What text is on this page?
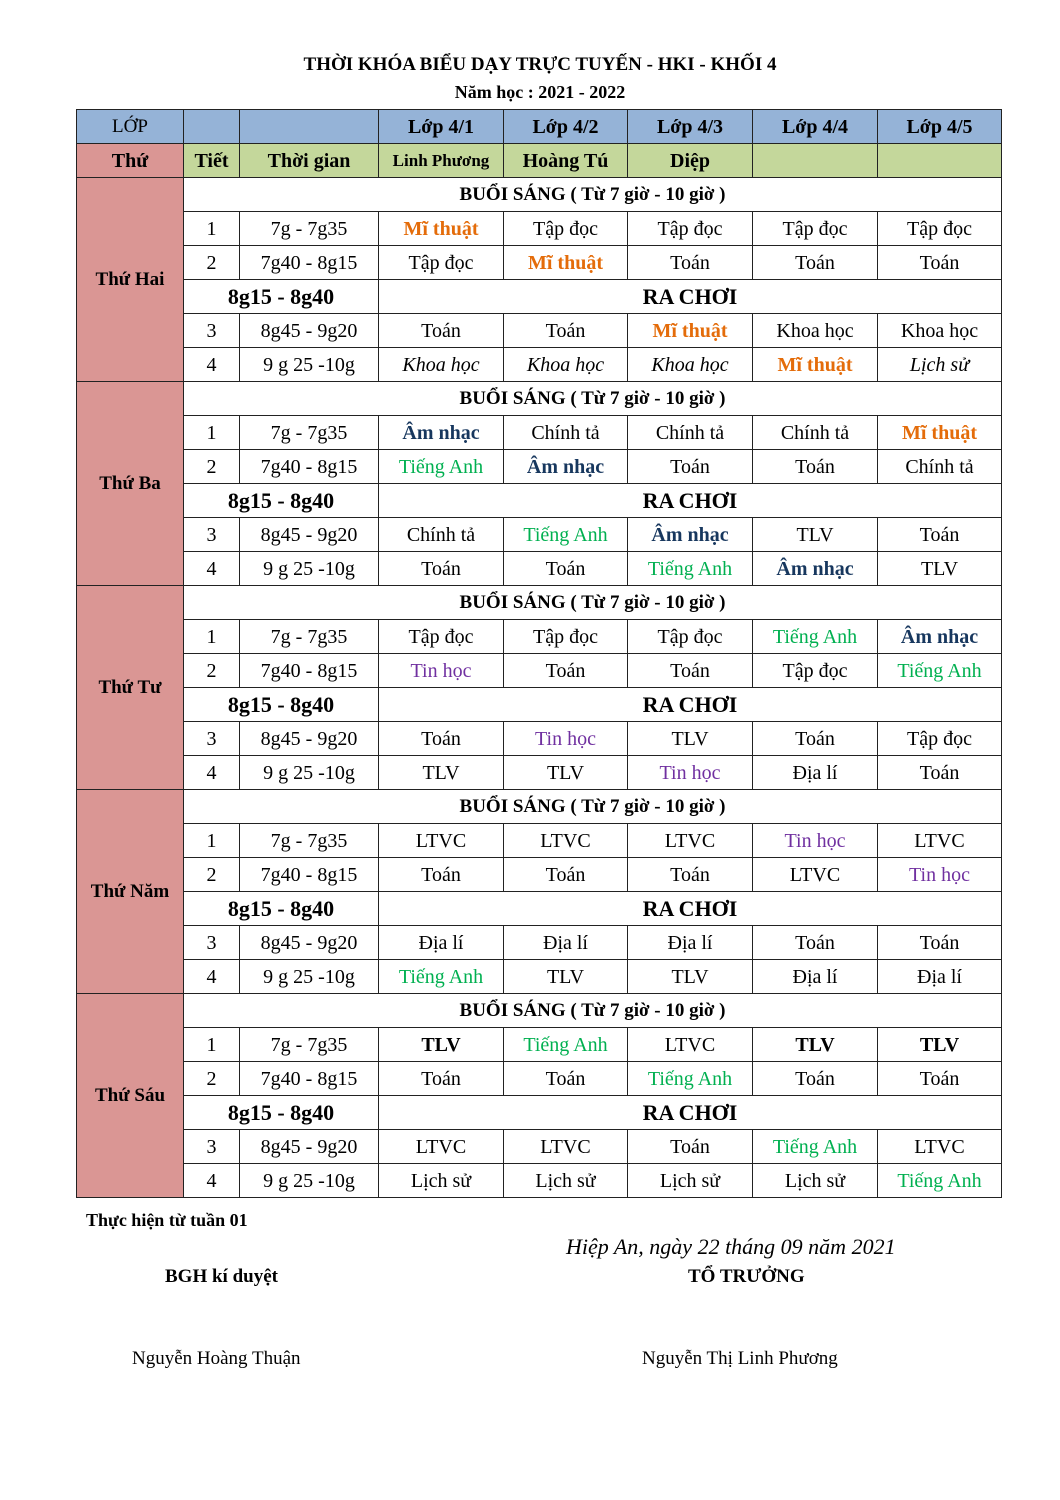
THỜI KHÓA BIỂU DẠY TRỰC TUYẾN - HKI - KHỐI 4
Năm học : 2021 - 2022
LỚP			Lớp 4/1	Lớp 4/2	Lớp 4/3	Lớp 4/4	Lớp 4/5
Thứ	Tiết	Thời gian	Linh Phương	Hoàng Tú	Diệp		
Thứ Hai	BUỔI SÁNG ( Từ 7 giờ - 10 giờ )						
	1	7g - 7g35	Mĩ thuật	Tập đọc	Tập đọc	Tập đọc	Tập đọc
	2	7g40 - 8g15	Tập đọc	Mĩ thuật	Toán	Toán	Toán
	8g15 - 8g40		RA CHƠI				
	3	8g45 - 9g20	Toán	Toán	Mĩ thuật	Khoa học	Khoa học
	4	9 g 25 -10g	Khoa học	Khoa học	Khoa học	Mĩ thuật	Lịch sử
Thứ Ba	BUỔI SÁNG ( Từ 7 giờ - 10 giờ )						
	1	7g - 7g35	Âm nhạc	Chính tả	Chính tả	Chính tả	Mĩ thuật
	2	7g40 - 8g15	Tiếng Anh	Âm nhạc	Toán	Toán	Chính tả
	8g15 - 8g40		RA CHƠI				
	3	8g45 - 9g20	Chính tả	Tiếng Anh	Âm nhạc	TLV	Toán
	4	9 g 25 -10g	Toán	Toán	Tiếng Anh	Âm nhạc	TLV
Thứ Tư	BUỔI SÁNG ( Từ 7 giờ - 10 giờ )						
	1	7g - 7g35	Tập đọc	Tập đọc	Tập đọc	Tiếng Anh	Âm nhạc
	2	7g40 - 8g15	Tin học	Toán	Toán	Tập đọc	Tiếng Anh
	8g15 - 8g40		RA CHƠI				
	3	8g45 - 9g20	Toán	Tin học	TLV	Toán	Tập đọc
	4	9 g 25 -10g	TLV	TLV	Tin học	Địa lí	Toán
Thứ Năm	BUỔI SÁNG ( Từ 7 giờ - 10 giờ )						
	1	7g - 7g35	LTVC	LTVC	LTVC	Tin học	LTVC
	2	7g40 - 8g15	Toán	Toán	Toán	LTVC	Tin học
	8g15 - 8g40		RA CHƠI				
	3	8g45 - 9g20	Địa lí	Địa lí	Địa lí	Toán	Toán
	4	9 g 25 -10g	Tiếng Anh	TLV	TLV	Địa lí	Địa lí
Thứ Sáu	BUỔI SÁNG ( Từ 7 giờ - 10 giờ )						
	1	7g - 7g35	TLV	Tiếng Anh	LTVC	TLV	TLV
	2	7g40 - 8g15	Toán	Toán	Tiếng Anh	Toán	Toán
	8g15 - 8g40		RA CHƠI				
	3	8g45 - 9g20	LTVC	LTVC	Toán	Tiếng Anh	LTVC
	4	9 g 25 -10g	Lịch sử	Lịch sử	Lịch sử	Lịch sử	Tiếng Anh
Thực hiện từ tuần 01
Hiệp An, ngày 22 tháng 09 năm 2021
BGH kí duyệt	TỔ TRƯỞNG
Nguyễn Hoàng Thuận	Nguyễn Thị Linh Phương
